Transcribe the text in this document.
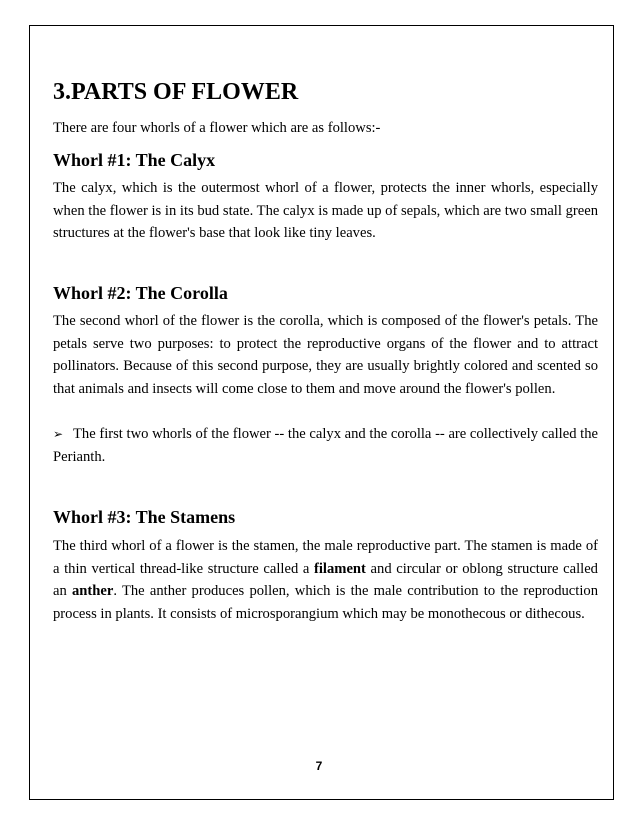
3.PARTS OF FLOWER

There are four whorls of a flower which are as follows:-

Whorl #1: The Calyx

The calyx, which is the outermost whorl of a flower, protects the inner whorls, especially when the flower is in its bud state. The calyx is made up of sepals, which are two small green structures at the flower's base that look like tiny leaves.

Whorl #2: The Corolla

The second whorl of the flower is the corolla, which is composed of the flower's petals. The petals serve two purposes: to protect the reproductive organs of the flower and to attract pollinators. Because of this second purpose, they are usually brightly colored and scented so that animals and insects will come close to them and move around the flower's pollen.

➢ The first two whorls of the flower -- the calyx and the corolla -- are collectively called the Perianth.

Whorl #3: The Stamens

The third whorl of a flower is the stamen, the male reproductive part. The stamen is made of a thin vertical thread-like structure called a filament and circular or oblong structure called an anther. The anther produces pollen, which is the male contribution to the reproduction process in plants. It consists of microsporangium which may be monothecous or dithecous.

7
